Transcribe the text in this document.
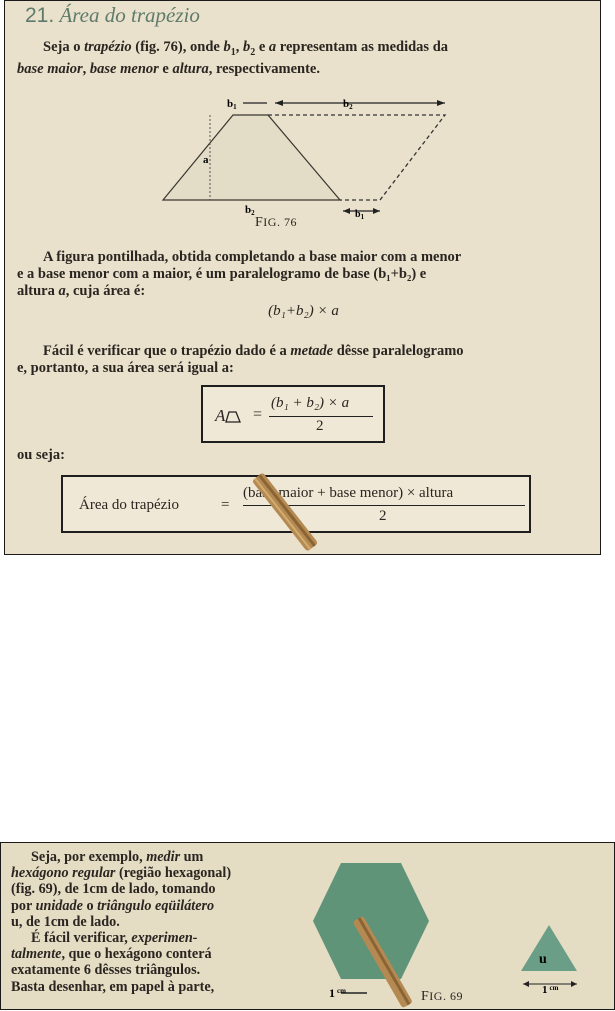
21. Área do trapézio
Seja o trapézio (fig. 76), onde $b_1$, $b_2$ e a representam as medidas da
base maior, base menor e altura, respectivamente.
b1	b2
a
b2	$b_1$
FIG. 76
A figura pontilhada, obtida completando a base maior com a menor
e a base menor com a maior, é um paralelogramo de base (b₁+b₂) e
altura a, cuja área é:
(b₁+b₂) × a
Fácil é verificar que o trapézio dado é a metade dêsse paralelogramo
e, portanto, a sua área será igual a:
A	=
(b₁ + b₂) × a
2
ou seja:
Área do trapézio	=
(base maior + base menor) × altura
2
Seja, por exemplo, medir um
hexágono regular (região hexagonal)
(fig. 69), de 1cm de lado, tomando
por unidade o triângulo eqüilátero
u, de 1cm de lado.
É fácil verificar, experimen-
talmente, que o hexágono conterá
exatamente 6 dêsses triângulos.
Basta desenhar, em papel à parte,	1 $^{cm}$
u
1 $^{cm}$
FIG. 69
